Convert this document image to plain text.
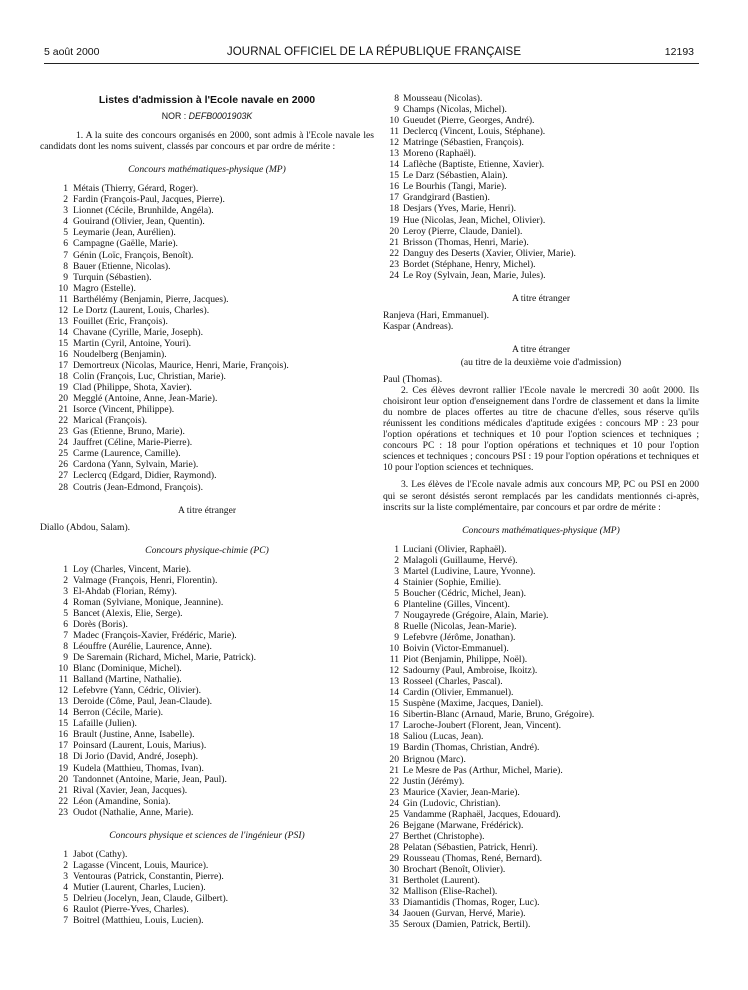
5 août 2000	JOURNAL OFFICIEL DE LA RÉPUBLIQUE FRANÇAISE	12193
Listes d'admission à l'Ecole navale en 2000
NOR : DEFB0001903K
1. A la suite des concours organisés en 2000, sont admis à l'Ecole navale les candidats dont les noms suivent, classés par concours et par ordre de mérite :
Concours mathématiques-physique (MP)
1 Métais (Thierry, Gérard, Roger).
2 Fardin (François-Paul, Jacques, Pierre).
3 Lionnet (Cécile, Brunhilde, Angéla).
4 Gouirand (Olivier, Jean, Quentin).
5 Leymarie (Jean, Aurélien).
6 Campagne (Gaëlle, Marie).
7 Génin (Loïc, François, Benoît).
8 Bauer (Etienne, Nicolas).
9 Turquin (Sébastien).
10 Magro (Estelle).
11 Barthélémy (Benjamin, Pierre, Jacques).
12 Le Dortz (Laurent, Louis, Charles).
13 Fouillet (Eric, François).
14 Chavane (Cyrille, Marie, Joseph).
15 Martin (Cyril, Antoine, Youri).
16 Noudelberg (Benjamin).
17 Demortreux (Nicolas, Maurice, Henri, Marie, François).
18 Colin (François, Luc, Christian, Marie).
19 Clad (Philippe, Shota, Xavier).
20 Megglé (Antoine, Anne, Jean-Marie).
21 Isorce (Vincent, Philippe).
22 Marical (François).
23 Gas (Etienne, Bruno, Marie).
24 Jauffret (Céline, Marie-Pierre).
25 Carme (Laurence, Camille).
26 Cardona (Yann, Sylvain, Marie).
27 Leclercq (Edgard, Didier, Raymond).
28 Coutris (Jean-Edmond, François).
A titre étranger
Diallo (Abdou, Salam).
Concours physique-chimie (PC)
1 Loy (Charles, Vincent, Marie).
2 Valmage (François, Henri, Florentin).
3 El-Ahdab (Florian, Rémy).
4 Roman (Sylviane, Monique, Jeannine).
5 Bancet (Alexis, Elie, Serge).
6 Dorès (Boris).
7 Madec (François-Xavier, Frédéric, Marie).
8 Léouffre (Aurélie, Laurence, Anne).
9 De Saremain (Richard, Michel, Marie, Patrick).
10 Blanc (Dominique, Michel).
11 Balland (Martine, Nathalie).
12 Lefebvre (Yann, Cédric, Olivier).
13 Deroide (Côme, Paul, Jean-Claude).
14 Berron (Cécile, Marie).
15 Lafaille (Julien).
16 Brault (Justine, Anne, Isabelle).
17 Poinsard (Laurent, Louis, Marius).
18 Di Jorio (David, André, Joseph).
19 Kudela (Matthieu, Thomas, Ivan).
20 Tandonnet (Antoine, Marie, Jean, Paul).
21 Rival (Xavier, Jean, Jacques).
22 Léon (Amandine, Sonia).
23 Oudot (Nathalie, Anne, Marie).
Concours physique et sciences de l'ingénieur (PSI)
1 Jabot (Cathy).
2 Lagasse (Vincent, Louis, Maurice).
3 Ventouras (Patrick, Constantin, Pierre).
4 Mutier (Laurent, Charles, Lucien).
5 Delrieu (Jocelyn, Jean, Claude, Gilbert).
6 Raulot (Pierre-Yves, Charles).
7 Boitrel (Matthieu, Louis, Lucien).
8 Mousseau (Nicolas).
9 Champs (Nicolas, Michel).
10 Gueudet (Pierre, Georges, André).
11 Declercq (Vincent, Louis, Stéphane).
12 Matringe (Sébastien, François).
13 Moreno (Raphaël).
14 Laflèche (Baptiste, Etienne, Xavier).
15 Le Darz (Sébastien, Alain).
16 Le Bourhis (Tangi, Marie).
17 Grandgirard (Bastien).
18 Desjars (Yves, Marie, Henri).
19 Hue (Nicolas, Jean, Michel, Olivier).
20 Leroy (Pierre, Claude, Daniel).
21 Brisson (Thomas, Henri, Marie).
22 Danguy des Deserts (Xavier, Olivier, Marie).
23 Bordet (Stéphane, Henry, Michel).
24 Le Roy (Sylvain, Jean, Marie, Jules).
A titre étranger
Ranjeva (Hari, Emmanuel).
Kaspar (Andreas).
A titre étranger
(au titre de la deuxième voie d'admission)
Paul (Thomas).
2. Ces élèves devront rallier l'Ecole navale le mercredi 30 août 2000. Ils choisiront leur option d'enseignement dans l'ordre de classement et dans la limite du nombre de places offertes au titre de chacune d'elles, sous réserve qu'ils réunissent les conditions médicales d'aptitude exigées : concours MP : 23 pour l'option opérations et techniques et 10 pour l'option sciences et techniques ; concours PC : 18 pour l'option opérations et techniques et 10 pour l'option sciences et techniques ; concours PSI : 19 pour l'option opérations et techniques et 10 pour l'option sciences et techniques.
3. Les élèves de l'Ecole navale admis aux concours MP, PC ou PSI en 2000 qui se seront désistés seront remplacés par les candidats mentionnés ci-après, inscrits sur la liste complémentaire, par concours et par ordre de mérite :
Concours mathématiques-physique (MP)
1 Luciani (Olivier, Raphaël).
2 Malagoli (Guillaume, Hervé).
3 Martel (Ludivine, Laure, Yvonne).
4 Stainier (Sophie, Emilie).
5 Boucher (Cédric, Michel, Jean).
6 Planteline (Gilles, Vincent).
7 Nougayrede (Grégoire, Alain, Marie).
8 Ruelle (Nicolas, Jean-Marie).
9 Lefebvre (Jérôme, Jonathan).
10 Boivin (Victor-Emmanuel).
11 Piot (Benjamin, Philippe, Noël).
12 Sadourny (Paul, Ambroise, Ikoitz).
13 Rosseel (Charles, Pascal).
14 Cardin (Olivier, Emmanuel).
15 Suspène (Maxime, Jacques, Daniel).
16 Sibertin-Blanc (Arnaud, Marie, Bruno, Grégoire).
17 Laroche-Joubert (Florent, Jean, Vincent).
18 Saliou (Lucas, Jean).
19 Bardin (Thomas, Christian, André).
20 Brignou (Marc).
21 Le Mesre de Pas (Arthur, Michel, Marie).
22 Justin (Jérémy).
23 Maurice (Xavier, Jean-Marie).
24 Gin (Ludovic, Christian).
25 Vandamme (Raphaël, Jacques, Edouard).
26 Bejgane (Marwane, Frédérick).
27 Berthet (Christophe).
28 Pelatan (Sébastien, Patrick, Henri).
29 Rousseau (Thomas, René, Bernard).
30 Brochart (Benoît, Olivier).
31 Bertholet (Laurent).
32 Mallison (Elise-Rachel).
33 Diamantidis (Thomas, Roger, Luc).
34 Jaouen (Gurvan, Hervé, Marie).
35 Seroux (Damien, Patrick, Bertil).
